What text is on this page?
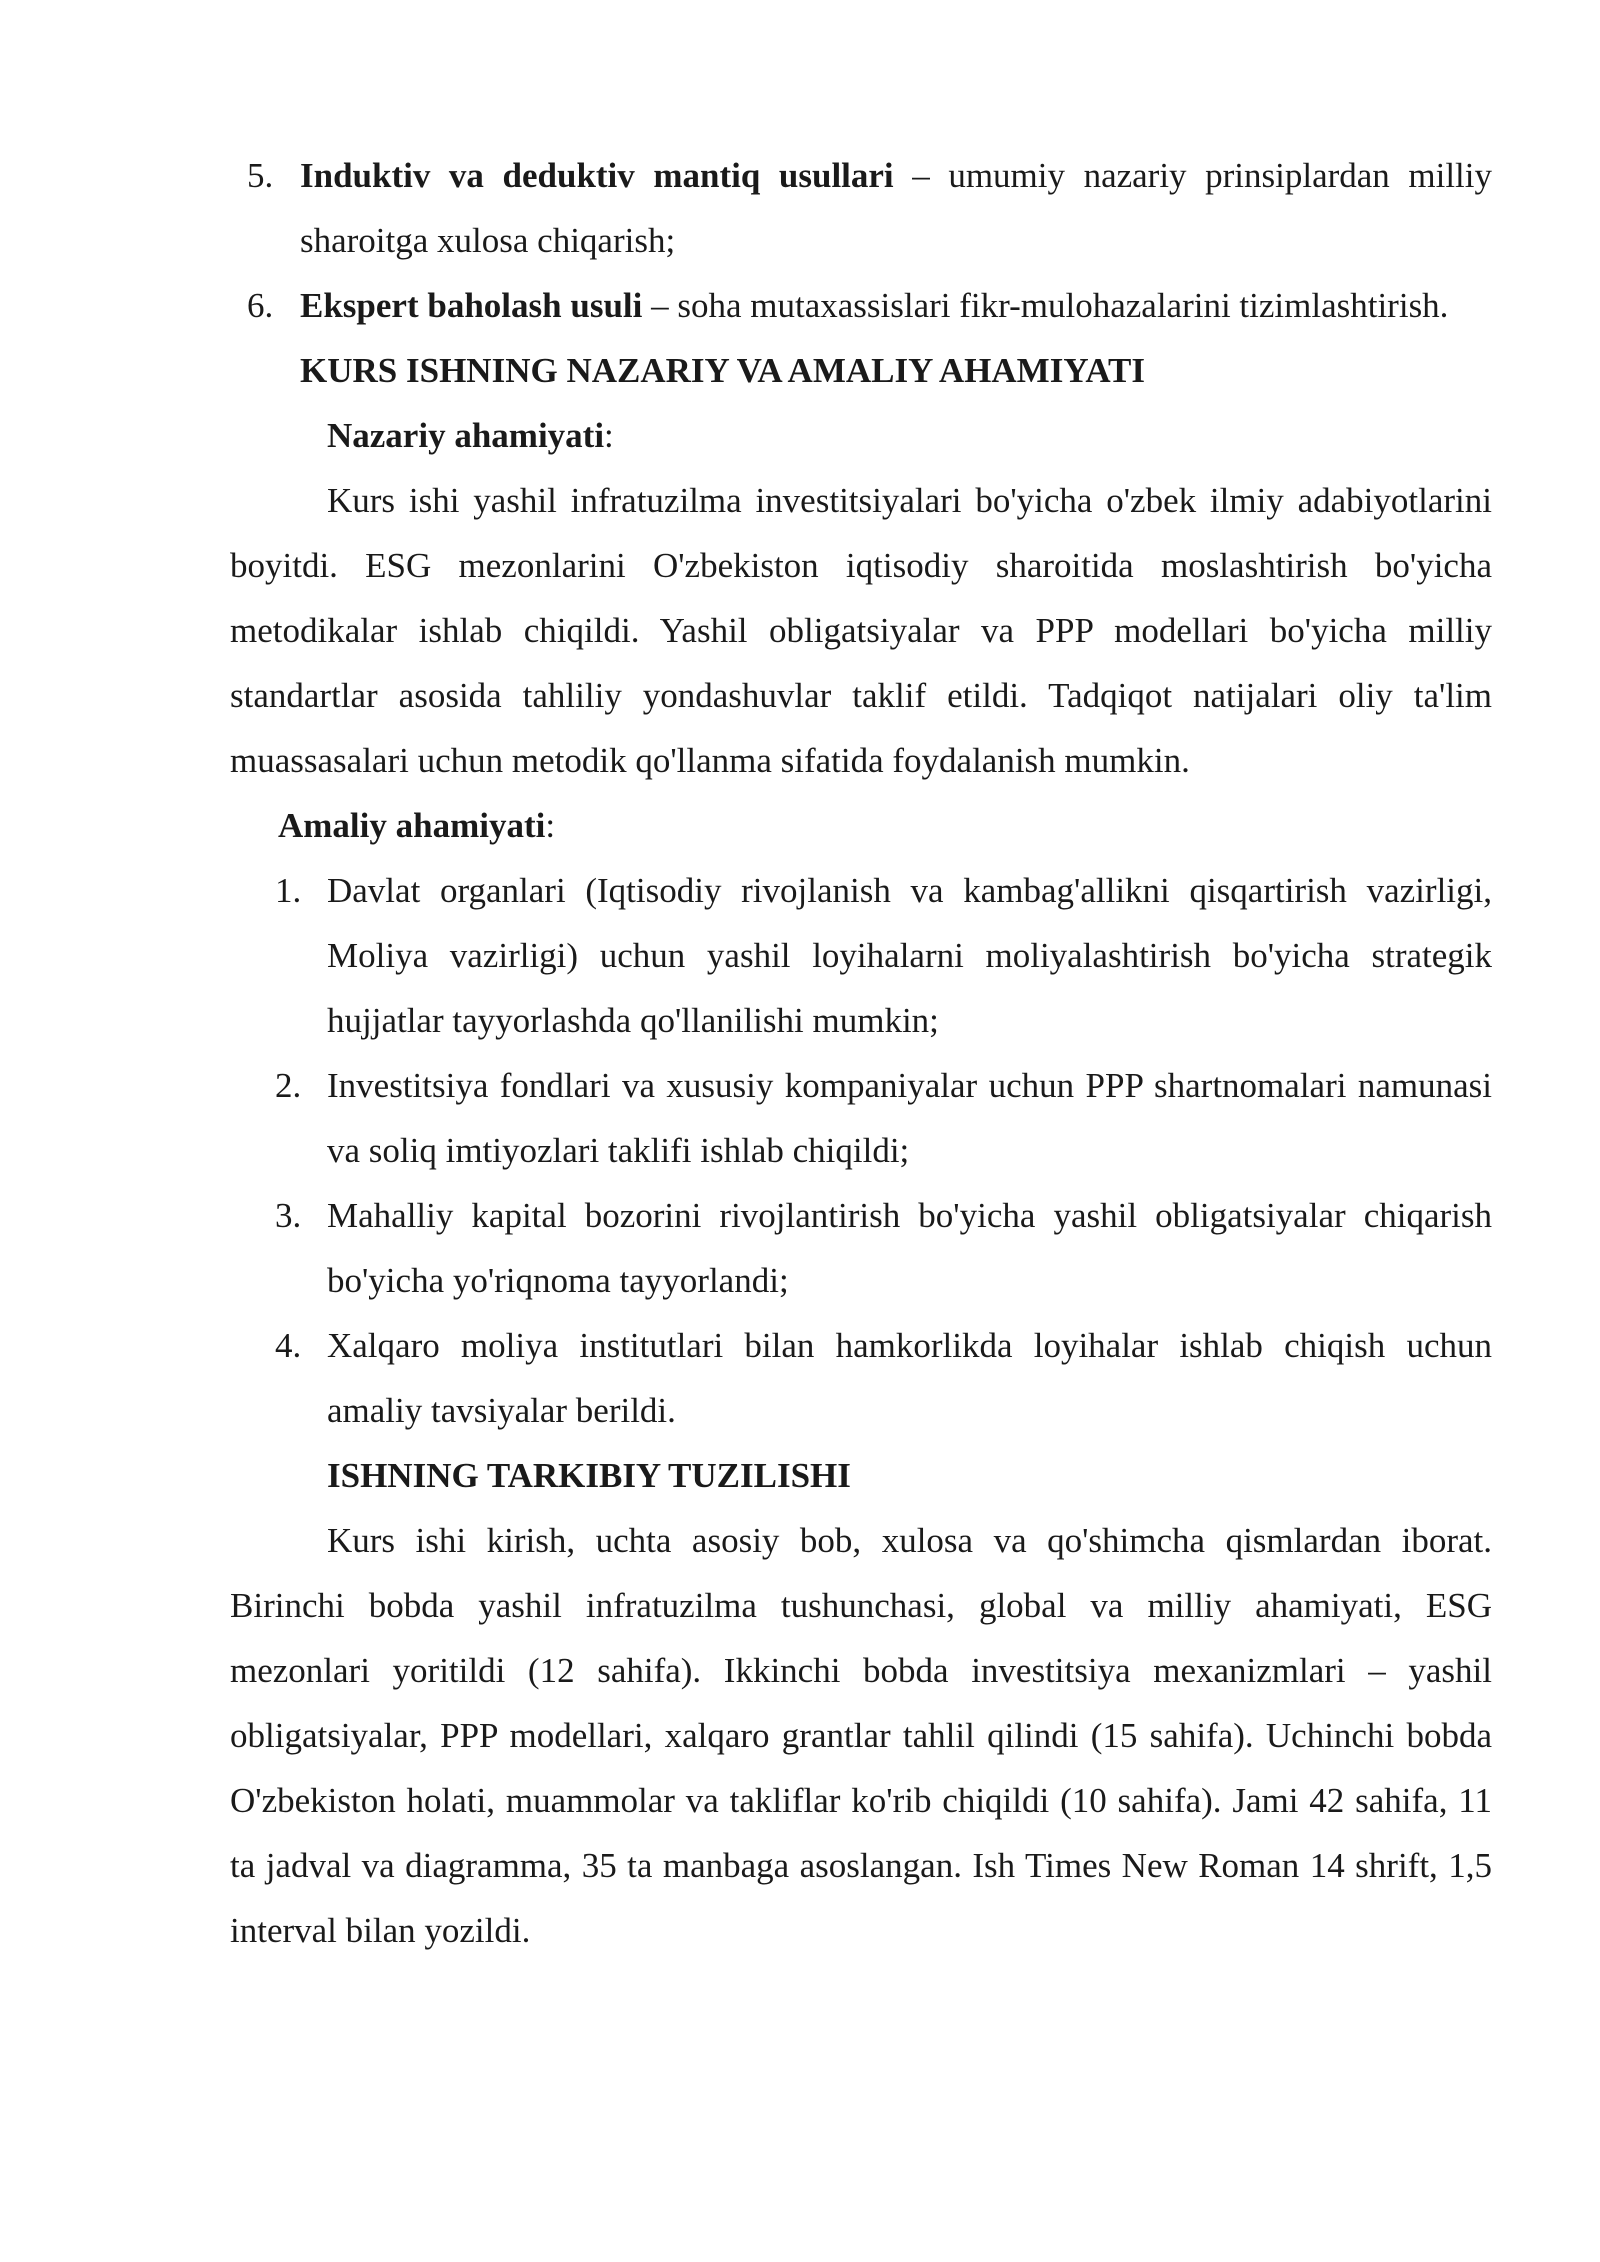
5. Induktiv va deduktiv mantiq usullari – umumiy nazariy prinsiplardan milliy sharoitga xulosa chiqarish;
6. Ekspert baholash usuli – soha mutaxassislari fikr-mulohazalarini tizimlashtirish.
KURS ISHNING NAZARIY VA AMALIY AHAMIYATI
Nazariy ahamiyati:
Kurs ishi yashil infratuzilma investitsiyalari bo'yicha o'zbek ilmiy adabiyotlarini boyitdi. ESG mezonlarini O'zbekiston iqtisodiy sharoitida moslashtirish bo'yicha metodikalar ishlab chiqildi. Yashil obligatsiyalar va PPP modellari bo'yicha milliy standartlar asosida tahliliy yondashuvlar taklif etildi. Tadqiqot natijalari oliy ta'lim muassasalari uchun metodik qo'llanma sifatida foydalanish mumkin.
Amaliy ahamiyati:
1. Davlat organlari (Iqtisodiy rivojlanish va kambag'allikni qisqartirish vazirligi, Moliya vazirligi) uchun yashil loyihalarni moliyalashtirish bo'yicha strategik hujjatlar tayyorlashda qo'llanilishi mumkin;
2. Investitsiya fondlari va xususiy kompaniyalar uchun PPP shartnomalari namunasi va soliq imtiyozlari taklifi ishlab chiqildi;
3. Mahalliy kapital bozorini rivojlantirish bo'yicha yashil obligatsiyalar chiqarish bo'yicha yo'riqnoma tayyorlandi;
4. Xalqaro moliya institutlari bilan hamkorlikda loyihalar ishlab chiqish uchun amaliy tavsiyalar berildi.
ISHNING TARKIBIY TUZILISHI
Kurs ishi kirish, uchta asosiy bob, xulosa va qo'shimcha qismlardan iborat. Birinchi bobda yashil infratuzilma tushunchasi, global va milliy ahamiyati, ESG mezonlari yoritildi (12 sahifa). Ikkinchi bobda investitsiya mexanizmlari – yashil obligatsiyalar, PPP modellari, xalqaro grantlar tahlil qilindi (15 sahifa). Uchinchi bobda O'zbekiston holati, muammolar va takliflar ko'rib chiqildi (10 sahifa). Jami 42 sahifa, 11 ta jadval va diagramma, 35 ta manbaga asoslangan. Ish Times New Roman 14 shrift, 1,5 interval bilan yozildi.
